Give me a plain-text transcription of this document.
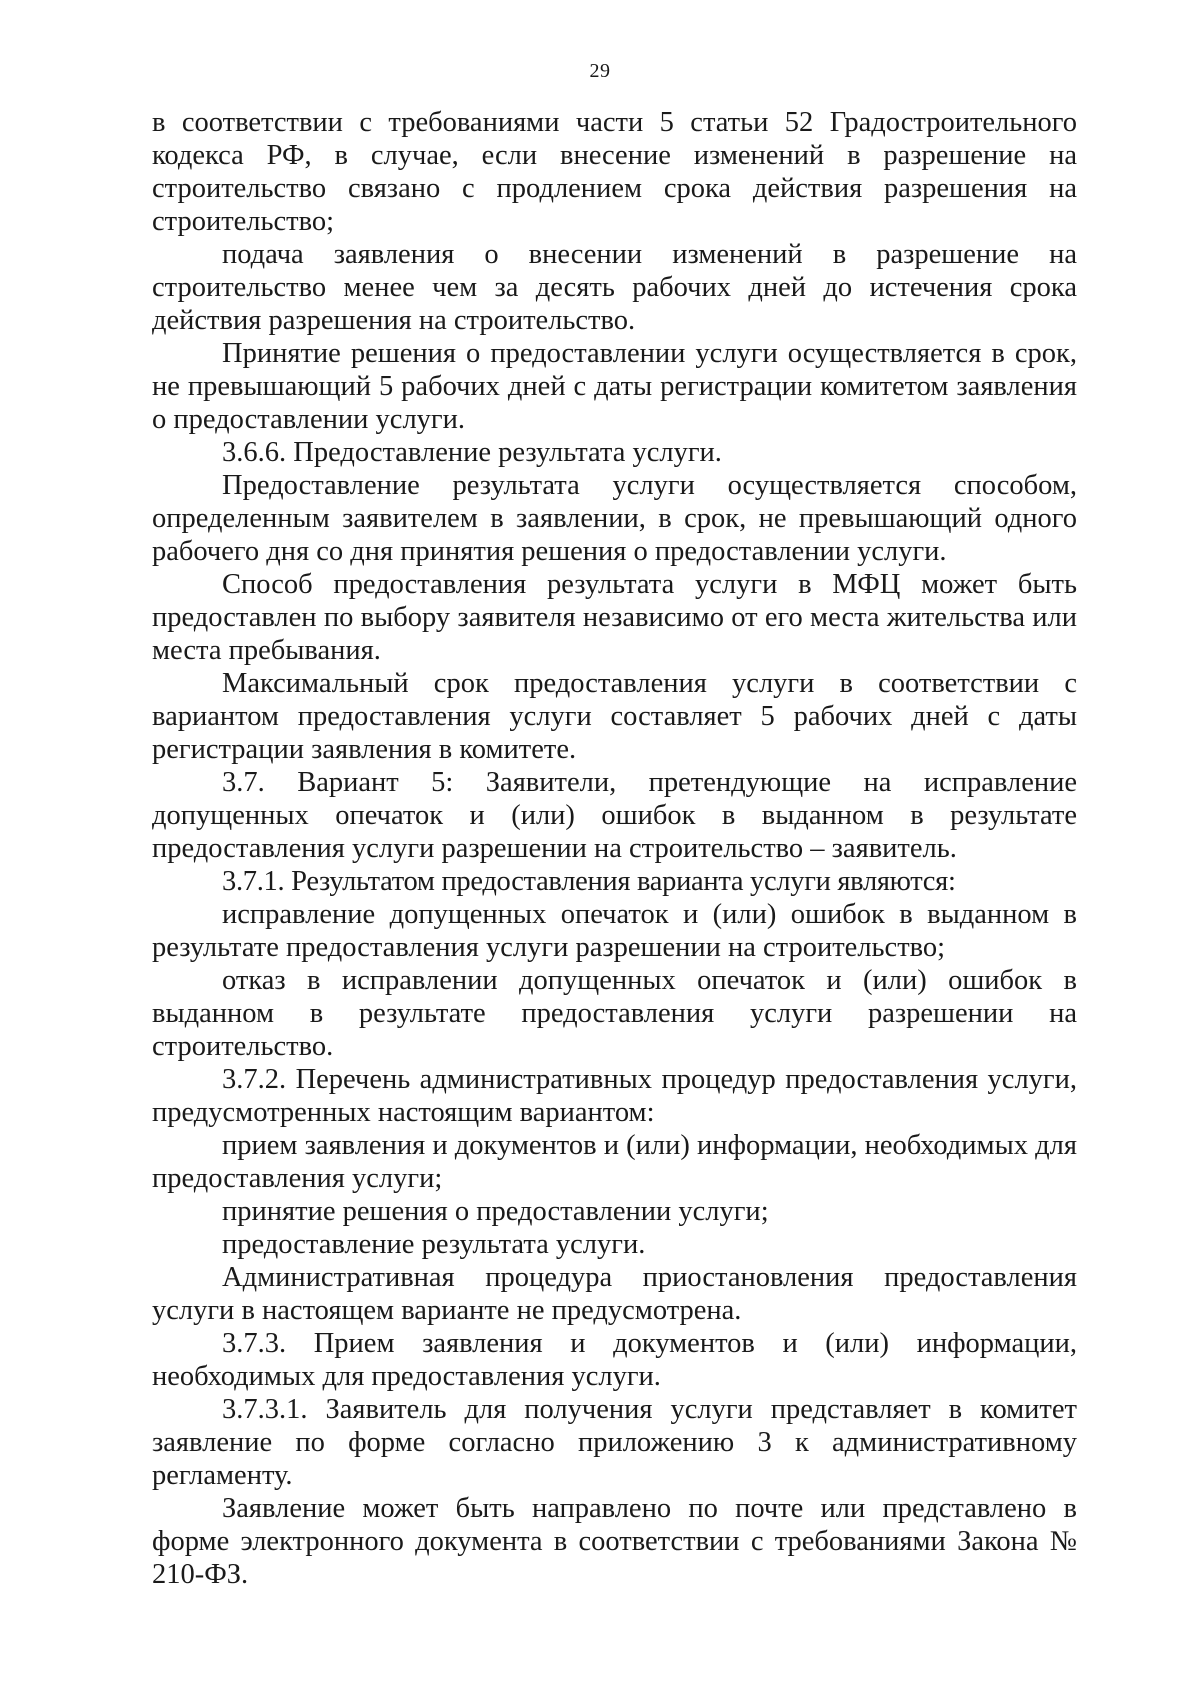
29

в соответствии с требованиями части 5 статьи 52 Градостроительного кодекса РФ, в случае, если внесение изменений в разрешение на строительство связано с продлением срока действия разрешения на строительство;

подача заявления о внесении изменений в разрешение на строительство менее чем за десять рабочих дней до истечения срока действия разрешения на строительство.

Принятие решения о предоставлении услуги осуществляется в срок, не превышающий 5 рабочих дней с даты регистрации комитетом заявления о предоставлении услуги.

3.6.6. Предоставление результата услуги.

Предоставление результата услуги осуществляется способом, определенным заявителем в заявлении, в срок, не превышающий одного рабочего дня со дня принятия решения о предоставлении услуги.

Способ предоставления результата услуги в МФЦ может быть предоставлен по выбору заявителя независимо от его места жительства или места пребывания.

Максимальный срок предоставления услуги в соответствии с вариантом предоставления услуги составляет 5 рабочих дней с даты регистрации заявления в комитете.

3.7. Вариант 5: Заявители, претендующие на исправление допущенных опечаток и (или) ошибок в выданном в результате предоставления услуги разрешении на строительство – заявитель.

3.7.1. Результатом предоставления варианта услуги являются:

исправление допущенных опечаток и (или) ошибок в выданном в результате предоставления услуги разрешении на строительство;

отказ в исправлении допущенных опечаток и (или) ошибок в выданном в результате предоставления услуги разрешении на строительство.

3.7.2. Перечень административных процедур предоставления услуги, предусмотренных настоящим вариантом:

прием заявления и документов и (или) информации, необходимых для предоставления услуги;

принятие решения о предоставлении услуги;

предоставление результата услуги.

Административная процедура приостановления предоставления услуги в настоящем варианте не предусмотрена.

3.7.3. Прием заявления и документов и (или) информации, необходимых для предоставления услуги.

3.7.3.1. Заявитель для получения услуги представляет в комитет заявление по форме согласно приложению 3 к административному регламенту.

Заявление может быть направлено по почте или представлено в форме электронного документа в соответствии с требованиями Закона № 210-ФЗ.
